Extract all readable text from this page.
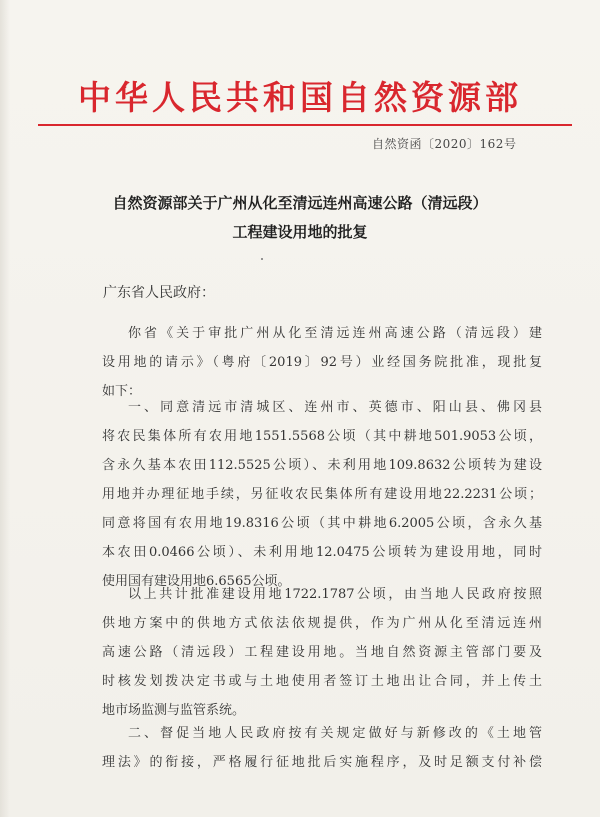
中华人民共和国自然资源部
自然资函〔2020〕162号
自然资源部关于广州从化至清远连州高速公路（清远段）
工程建设用地的批复
广东省人民政府：
你省《关于审批广州从化至清远连州高速公路（清远段）建
设用地的请示》（粤府〔2019〕92号）业经国务院批准，现批复
如下：
一、同意清远市清城区、连州市、英德市、阳山县、佛冈县
将农民集体所有农用地1551.5568公顷（其中耕地501.9053公顷，
含永久基本农田112.5525公顷）、未利用地109.8632公顷转为建设
用地并办理征地手续，另征收农民集体所有建设用地22.2231公顷；
同意将国有农用地19.8316公顷（其中耕地6.2005公顷，含永久基
本农田0.0466公顷）、未利用地12.0475公顷转为建设用地，同时
使用国有建设用地6.6565公顷。
以上共计批准建设用地1722.1787公顷，由当地人民政府按照
供地方案中的供地方式依法依规提供，作为广州从化至清远连州
高速公路（清远段）工程建设用地。当地自然资源主管部门要及
时核发划拨决定书或与土地使用者签订土地出让合同，并上传土
地市场监测与监管系统。
二、督促当地人民政府按有关规定做好与新修改的《土地管
理法》的衔接，严格履行征地批后实施程序，及时足额支付补偿
